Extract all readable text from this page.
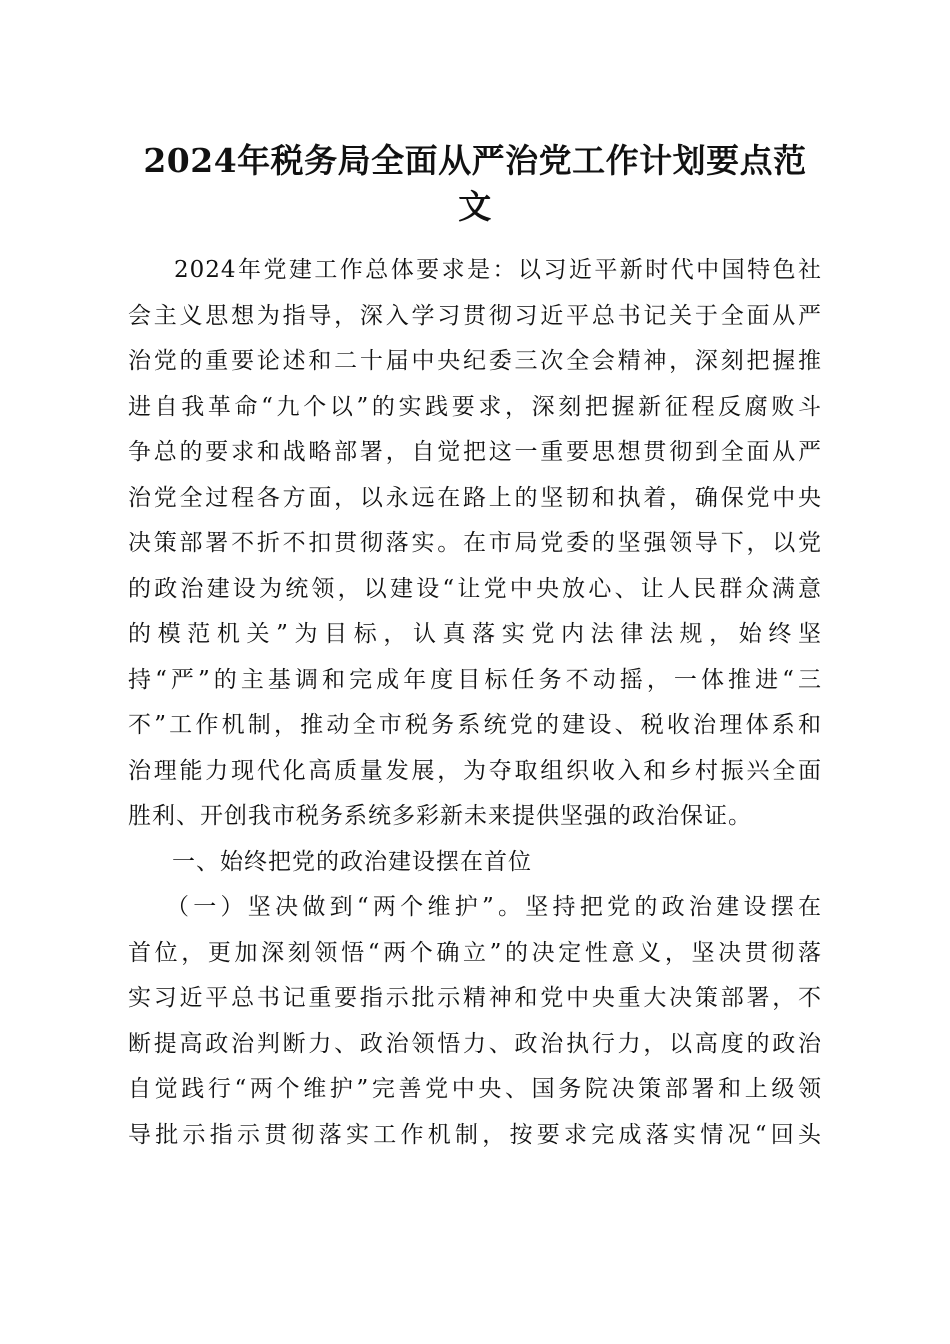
2024年税务局全面从严治党工作计划要点范
文
2024年党建工作总体要求是：以习近平新时代中国特色社
会主义思想为指导，深入学习贯彻习近平总书记关于全面从严
治党的重要论述和二十届中央纪委三次全会精神，深刻把握推
进自我革命“九个以”的实践要求，深刻把握新征程反腐败斗
争总的要求和战略部署，自觉把这一重要思想贯彻到全面从严
治党全过程各方面，以永远在路上的坚韧和执着，确保党中央
决策部署不折不扣贯彻落实。在市局党委的坚强领导下，以党
的政治建设为统领，以建设“让党中央放心、让人民群众满意
的模范机关”为目标，认真落实党内法律法规，始终坚
持“严”的主基调和完成年度目标任务不动摇，一体推进“三
不”工作机制，推动全市税务系统党的建设、税收治理体系和
治理能力现代化高质量发展，为夺取组织收入和乡村振兴全面
胜利、开创我市税务系统多彩新未来提供坚强的政治保证。
一、始终把党的政治建设摆在首位
（一）坚决做到“两个维护”。坚持把党的政治建设摆在
首位，更加深刻领悟“两个确立”的决定性意义，坚决贯彻落
实习近平总书记重要指示批示精神和党中央重大决策部署，不
断提高政治判断力、政治领悟力、政治执行力，以高度的政治
自觉践行“两个维护”完善党中央、国务院决策部署和上级领
导批示指示贯彻落实工作机制，按要求完成落实情况“回头
